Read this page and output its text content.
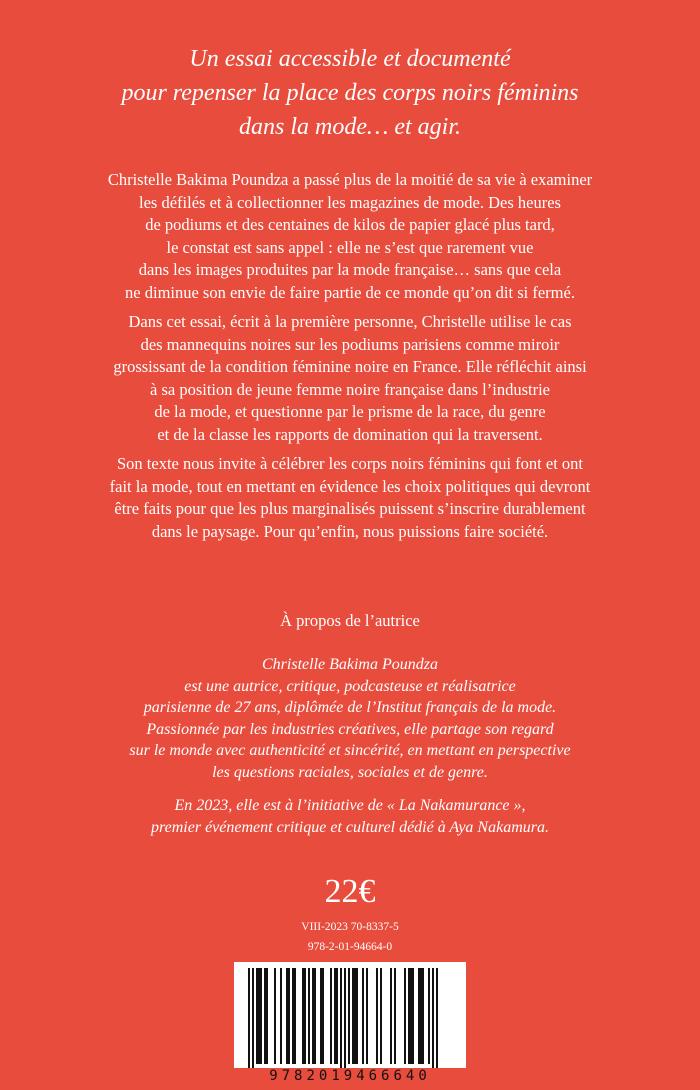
Un essai accessible et documenté
pour repenser la place des corps noirs féminins
dans la mode… et agir.
Christelle Bakima Poundza a passé plus de la moitié de sa vie à examiner
les défilés et à collectionner les magazines de mode. Des heures
de podiums et des centaines de kilos de papier glacé plus tard,
le constat est sans appel : elle ne s’est que rarement vue
dans les images produites par la mode française… sans que cela
ne diminue son envie de faire partie de ce monde qu’on dit si fermé.
Dans cet essai, écrit à la première personne, Christelle utilise le cas
des mannequins noires sur les podiums parisiens comme miroir
grossissant de la condition féminine noire en France. Elle réfléchit ainsi
à sa position de jeune femme noire française dans l’industrie
de la mode, et questionne par le prisme de la race, du genre
et de la classe les rapports de domination qui la traversent.
Son texte nous invite à célébrer les corps noirs féminins qui font et ont
fait la mode, tout en mettant en évidence les choix politiques qui devront
être faits pour que les plus marginalisés puissent s’inscrire durablement
dans le paysage. Pour qu’enfin, nous puissions faire société.
À propos de l’autrice
Christelle Bakima Poundza
est une autrice, critique, podcasteuse et réalisatrice
parisienne de 27 ans, diplômée de l’Institut français de la mode.
Passionnée par les industries créatives, elle partage son regard
sur le monde avec authenticité et sincérité, en mettant en perspective
les questions raciales, sociales et de genre.
En 2023, elle est à l’initiative de « La Nakamurance »,
premier événement critique et culturel dédié à Aya Nakamura.
22€
VIII-2023 70-8337-5
978-2-01-94664-0
9782019466640
